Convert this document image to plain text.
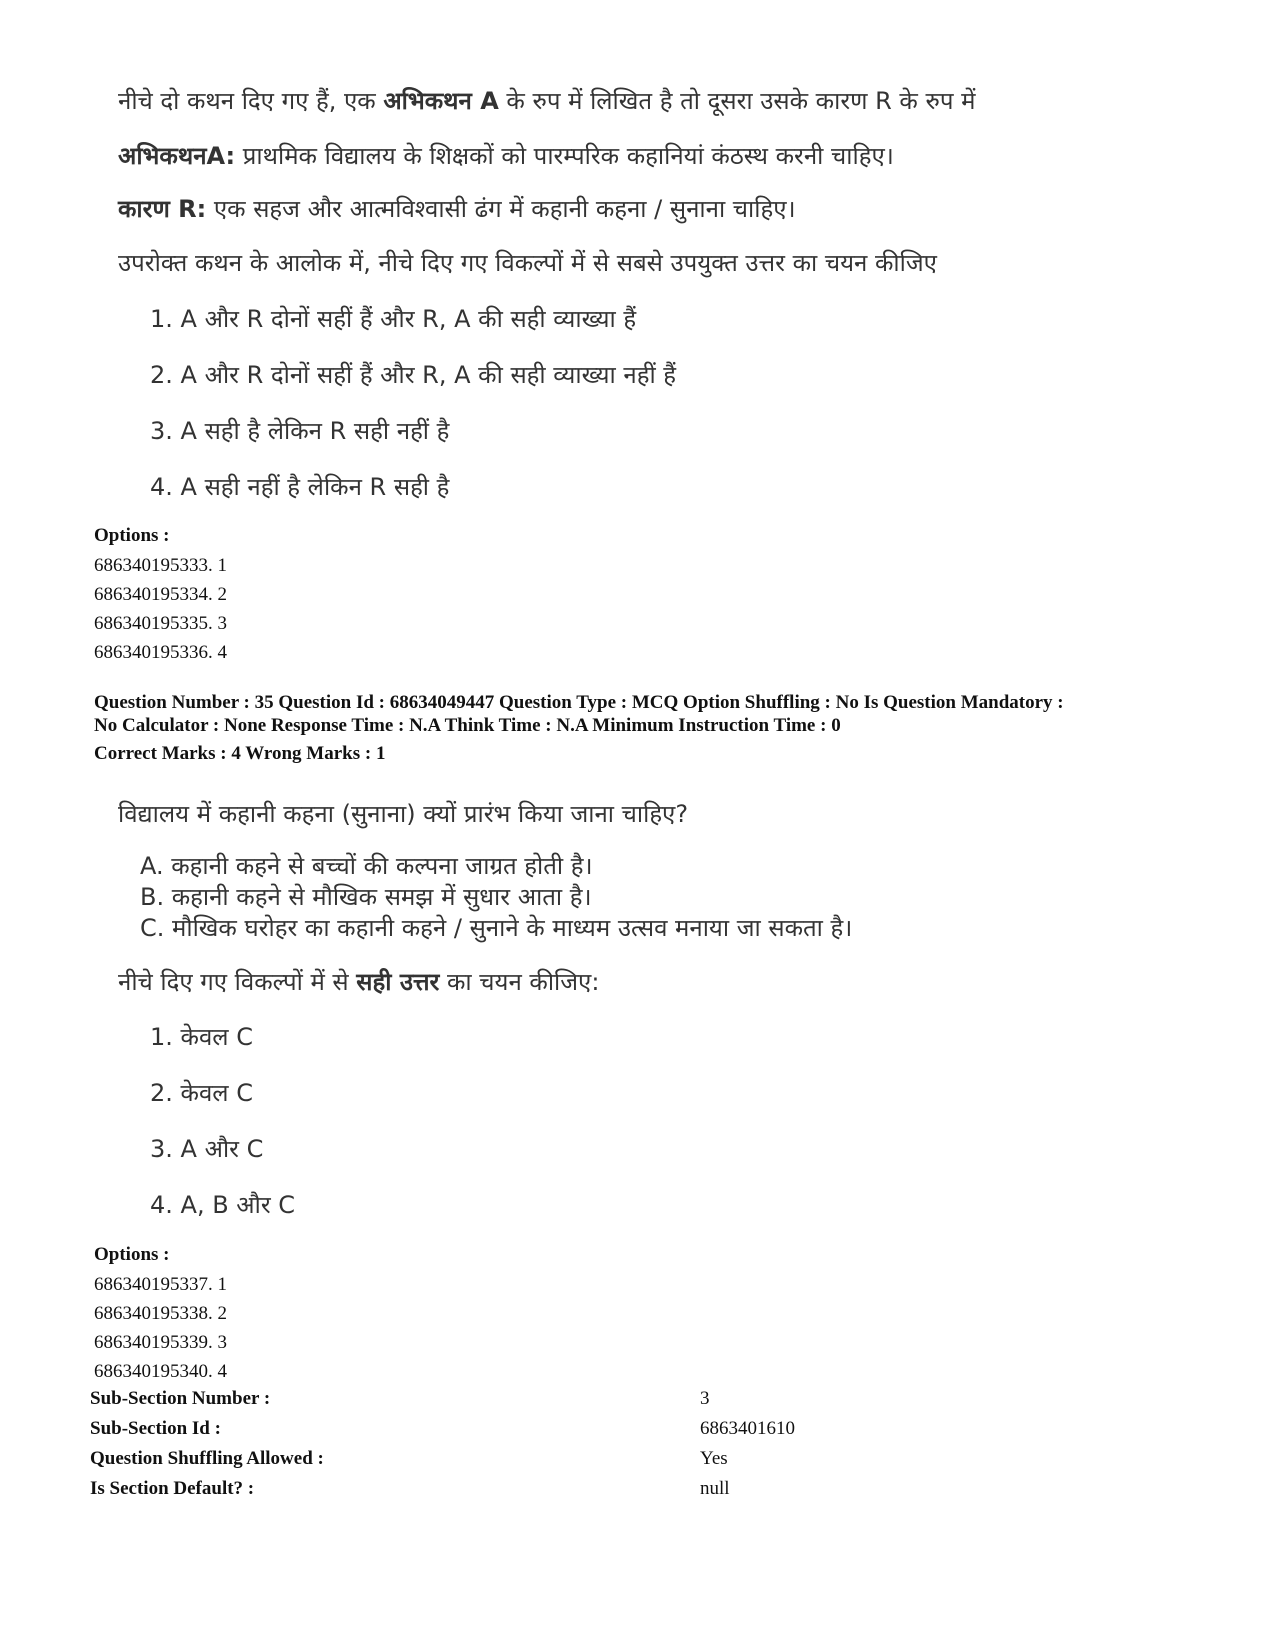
नीचे दो कथन दिए गए हैं, एक अभिकथन A के रुप में लिखित है तो दूसरा उसके कारण R के रुप में
अभिकथनA: प्राथमिक विद्यालय के शिक्षकों को पारम्परिक कहानियां कंठस्थ करनी चाहिए।
कारण R: एक सहज और आत्मविश्वासी ढंग में कहानी कहना / सुनाना चाहिए।
उपरोक्त कथन के आलोक में, नीचे दिए गए विकल्पों में से सबसे उपयुक्त उत्तर का चयन कीजिए
1. A और R दोनों सहीं हैं और R, A की सही व्याख्या हैं
2. A और R दोनों सहीं हैं और R, A की सही व्याख्या नहीं हैं
3. A सही है लेकिन R सही नहीं है
4. A सही नहीं है लेकिन R सही है
Options :
686340195333. 1
686340195334. 2
686340195335. 3
686340195336. 4
Question Number : 35 Question Id : 68634049447 Question Type : MCQ Option Shuffling : No Is Question Mandatory :
No Calculator : None Response Time : N.A Think Time : N.A Minimum Instruction Time : 0
Correct Marks : 4 Wrong Marks : 1
विद्यालय में कहानी कहना (सुनाना) क्यों प्रारंभ किया जाना चाहिए?
A. कहानी कहने से बच्चों की कल्पना जाग्रत होती है।
B. कहानी कहने से मौखिक समझ में सुधार आता है।
C. मौखिक घरोहर का कहानी कहने / सुनाने के माध्यम उत्सव मनाया जा सकता है।
नीचे दिए गए विकल्पों में से सही उत्तर का चयन कीजिए:
1. केवल C
2. केवल C
3. A और C
4. A, B और C
Options :
686340195337. 1
686340195338. 2
686340195339. 3
686340195340. 4
Sub-Section Number :	3
Sub-Section Id :	6863401610
Question Shuffling Allowed :	Yes
Is Section Default? :	null
